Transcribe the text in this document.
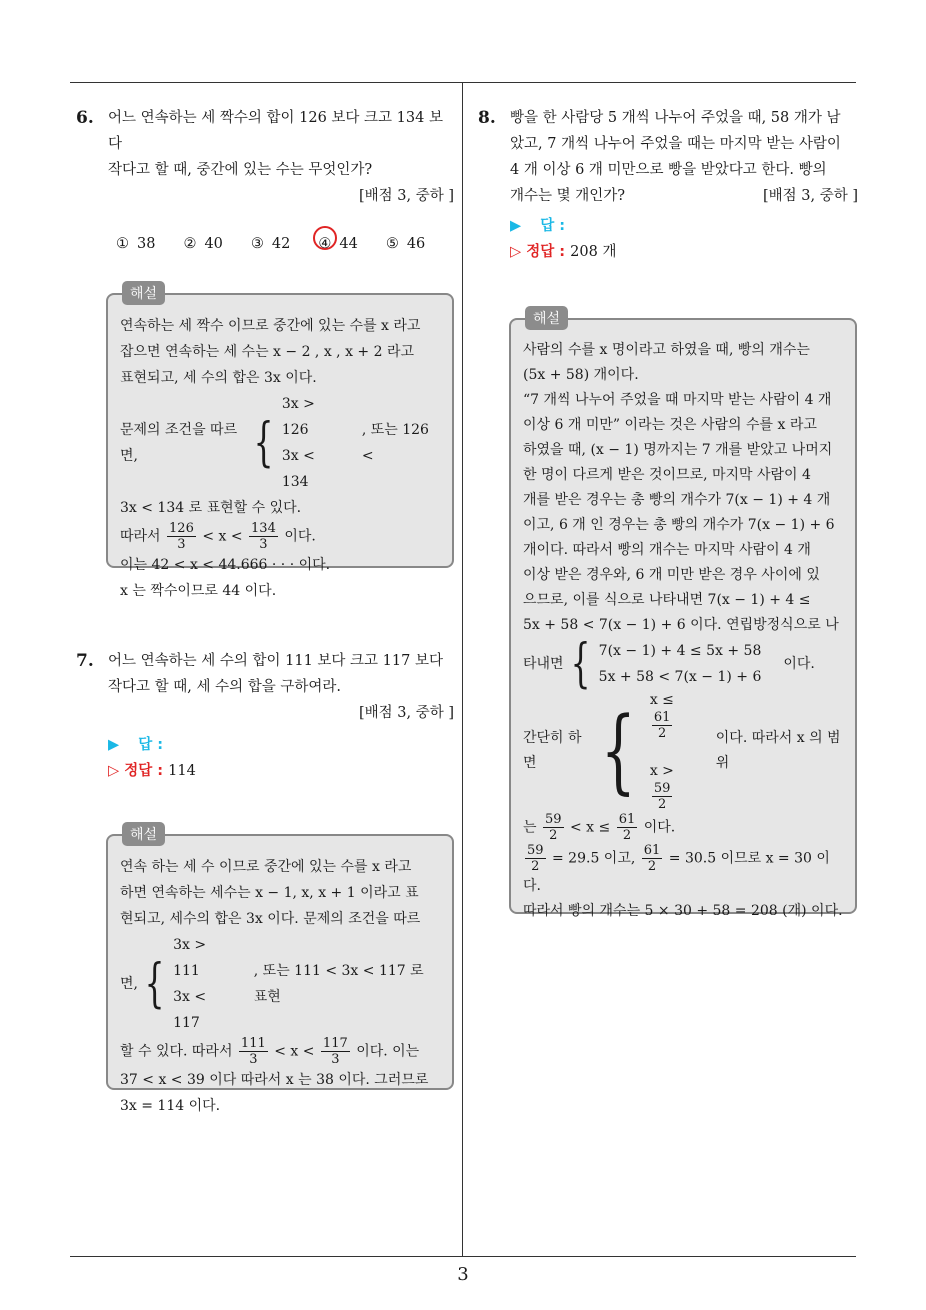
6. 어느 연속하는 세 짝수의 합이 126 보다 크고 134 보다
작다고 할 때, 중간에 있는 수는 무엇인가?
[배점 3, 중하 ]
① 38 ② 40 ③ 42 ④ 44 ⑤ 46
해설
연속하는 세 짝수 이므로 중간에 있는 수를 x 라고
잡으면 연속하는 세 수는 x − 2 , x , x + 2 라고
표현되고, 세 수의 합은 3x 이다.
문제의 조건을 따르면,	{
3x > 126
3x < 134
, 또는 126 <
3x < 134 로 표현할 수 있다.
따라서 $\frac{126}{3} < x < \frac{134}{3}$ 이다.
이는 42 < x < 44.666 · · · 이다.
x 는 짝수이므로 44 이다.
7. 어느 연속하는 세 수의 합이 111 보다 크고 117 보다
작다고 할 때, 세 수의 합을 구하여라.
[배점 3, 중하 ]
▶ 답 :
▷ 정답 : 114
해설
연속 하는 세 수 이므로 중간에 있는 수를 x 라고
하면 연속하는 세수는 x − 1, x, x + 1 이라고 표
현되고, 세수의 합은 3x 이다. 문제의 조건을 따르
면, {
3x > 111
3x < 117
, 또는 111 < 3x < 117 로 표현
할 수 있다. 따라서 $\frac{111}{3} < x < \frac{117}{3}$ 이다. 이는
37 < x < 39 이다 따라서 x 는 38 이다. 그러므로
3x = 114 이다.
8. 빵을 한 사람당 5 개씩 나누어 주었을 때, 58 개가 남
았고, 7 개씩 나누어 주었을 때는 마지막 받는 사람이
4 개 이상 6 개 미만으로 빵을 받았다고 한다. 빵의
개수는 몇 개인가?	[배점 3, 중하 ]
▶ 답 :
▷ 정답 : 208 개
해설
사람의 수를 x 명이라고 하였을 때, 빵의 개수는
(5x + 58) 개이다.
“7 개씩 나누어 주었을 때 마지막 받는 사람이 4 개
이상 6 개 미만” 이라는 것은 사람의 수를 x 라고
하였을 때, (x − 1) 명까지는 7 개를 받았고 나머지
한 명이 다르게 받은 것이므로, 마지막 사람이 4
개를 받은 경우는 총 빵의 개수가 7(x − 1) + 4 개
이고, 6 개 인 경우는 총 빵의 개수가 7(x − 1) + 6
개이다. 따라서 빵의 개수는 마지막 사람이 4 개
이상 받은 경우와, 6 개 미만 받은 경우 사이에 있
으므로, 이를 식으로 나타내면 7(x − 1) + 4 ≤
5x + 58 < 7(x − 1) + 6 이다. 연립방정식으로 나
타내면 { 7(x − 1) + 4 ≤ 5x + 58
5x + 58 < 7(x − 1) + 6
이다.
간단히 하면 { x ≤
$\frac{61}{2}$
x >
$\frac{59}{2}$
이다. 따라서 x 의 범위
는 $\frac{59}{2} < x \le \frac{61}{2}$ 이다.
$\frac{59}{2} = 29.5$ 이고, $\frac{61}{2} = 30.5$ 이므로 x = 30 이다.
따라서 빵의 개수는 5 × 30 + 58 = 208 (개) 이다.
3
